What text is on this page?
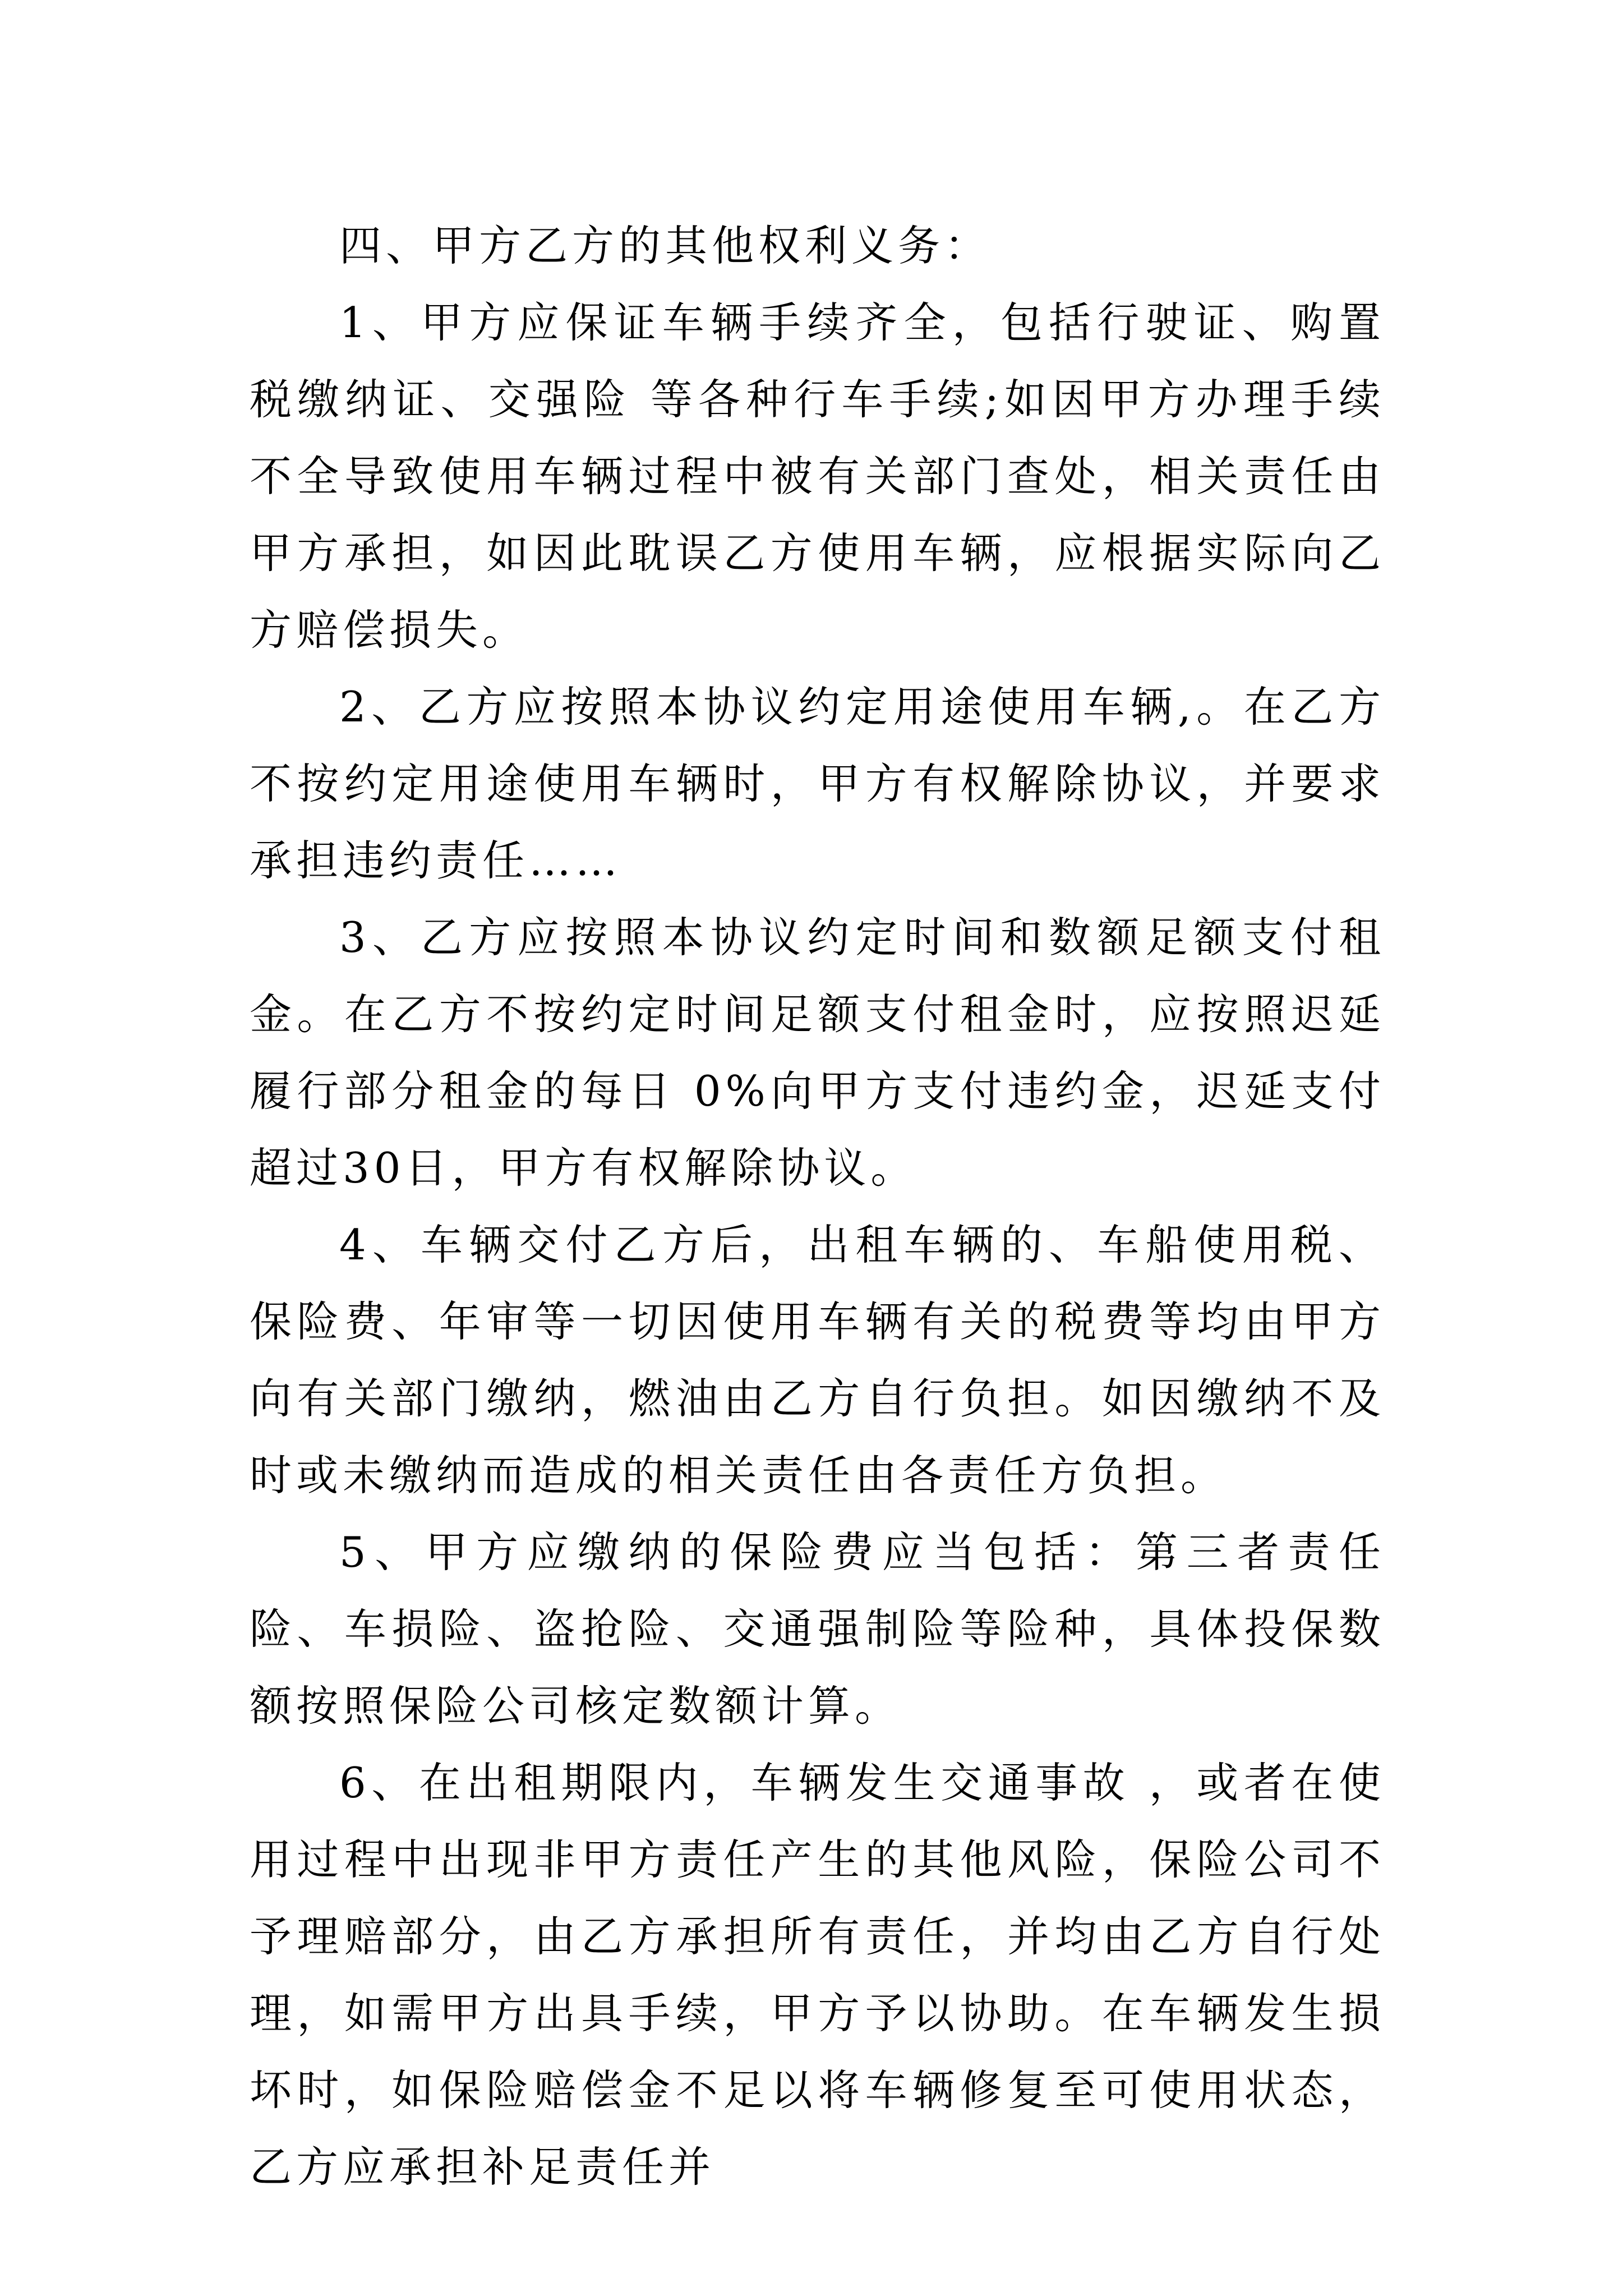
四、甲方乙方的其他权利义务：

1、甲方应保证车辆手续齐全，包括行驶证、购置税缴纳证、交强险 等各种行车手续;如因甲方办理手续不全导致使用车辆过程中被有关部门查处，相关责任由甲方承担，如因此耽误乙方使用车辆，应根据实际向乙方赔偿损失。

2、乙方应按照本协议约定用途使用车辆,。在乙方不按约定用途使用车辆时，甲方有权解除协议，并要求承担违约责任……

3、乙方应按照本协议约定时间和数额足额支付租金。在乙方不按约定时间足额支付租金时，应按照迟延履行部分租金的每日 0%向甲方支付违约金，迟延支付超过30日，甲方有权解除协议。

4、车辆交付乙方后，出租车辆的、车船使用税、保险费、年审等一切因使用车辆有关的税费等均由甲方向有关部门缴纳，燃油由乙方自行负担。如因缴纳不及时或未缴纳而造成的相关责任由各责任方负担。

5、甲方应缴纳的保险费应当包括：第三者责任险、车损险、盗抢险、交通强制险等险种，具体投保数额按照保险公司核定数额计算。

6、在出租期限内，车辆发生交通事故 ，或者在使用过程中出现非甲方责任产生的其他风险，保险公司不予理赔部分，由乙方承担所有责任，并均由乙方自行处理，如需甲方出具手续，甲方予以协助。在车辆发生损坏时，如保险赔偿金不足以将车辆修复至可使用状态，乙方应承担补足责任并
